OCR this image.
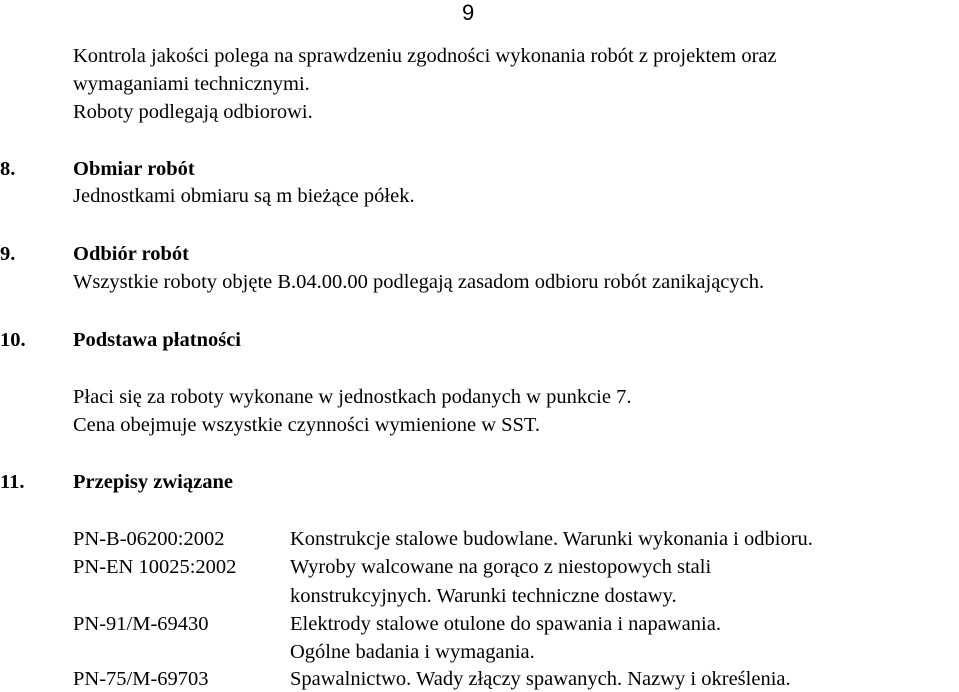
9
Kontrola jakości polega na sprawdzeniu zgodności wykonania robót z projektem oraz
wymaganiami technicznymi.
Roboty podlegają odbiorowi.
8.	Obmiar robót
Jednostkami obmiaru są m bieżące półek.
9.	Odbiór robót
Wszystkie roboty objęte B.04.00.00 podlegają zasadom odbioru robót zanikających.
10. Podstawa płatności
Płaci się za roboty wykonane w jednostkach podanych w punkcie 7.
Cena obejmuje wszystkie czynności wymienione w SST.
11. Przepisy związane
PN-B-06200:2002	Konstrukcje stalowe budowlane. Warunki wykonania i odbioru.
PN-EN 10025:2002	Wyroby walcowane na gorąco z niestopowych stali
konstrukcyjnych. Warunki techniczne dostawy.
PN-91/M-69430	Elektrody stalowe otulone do spawania i napawania.
Ogólne badania i wymagania.
PN-75/M-69703	Spawalnictwo. Wady złączy spawanych. Nazwy i określenia.
